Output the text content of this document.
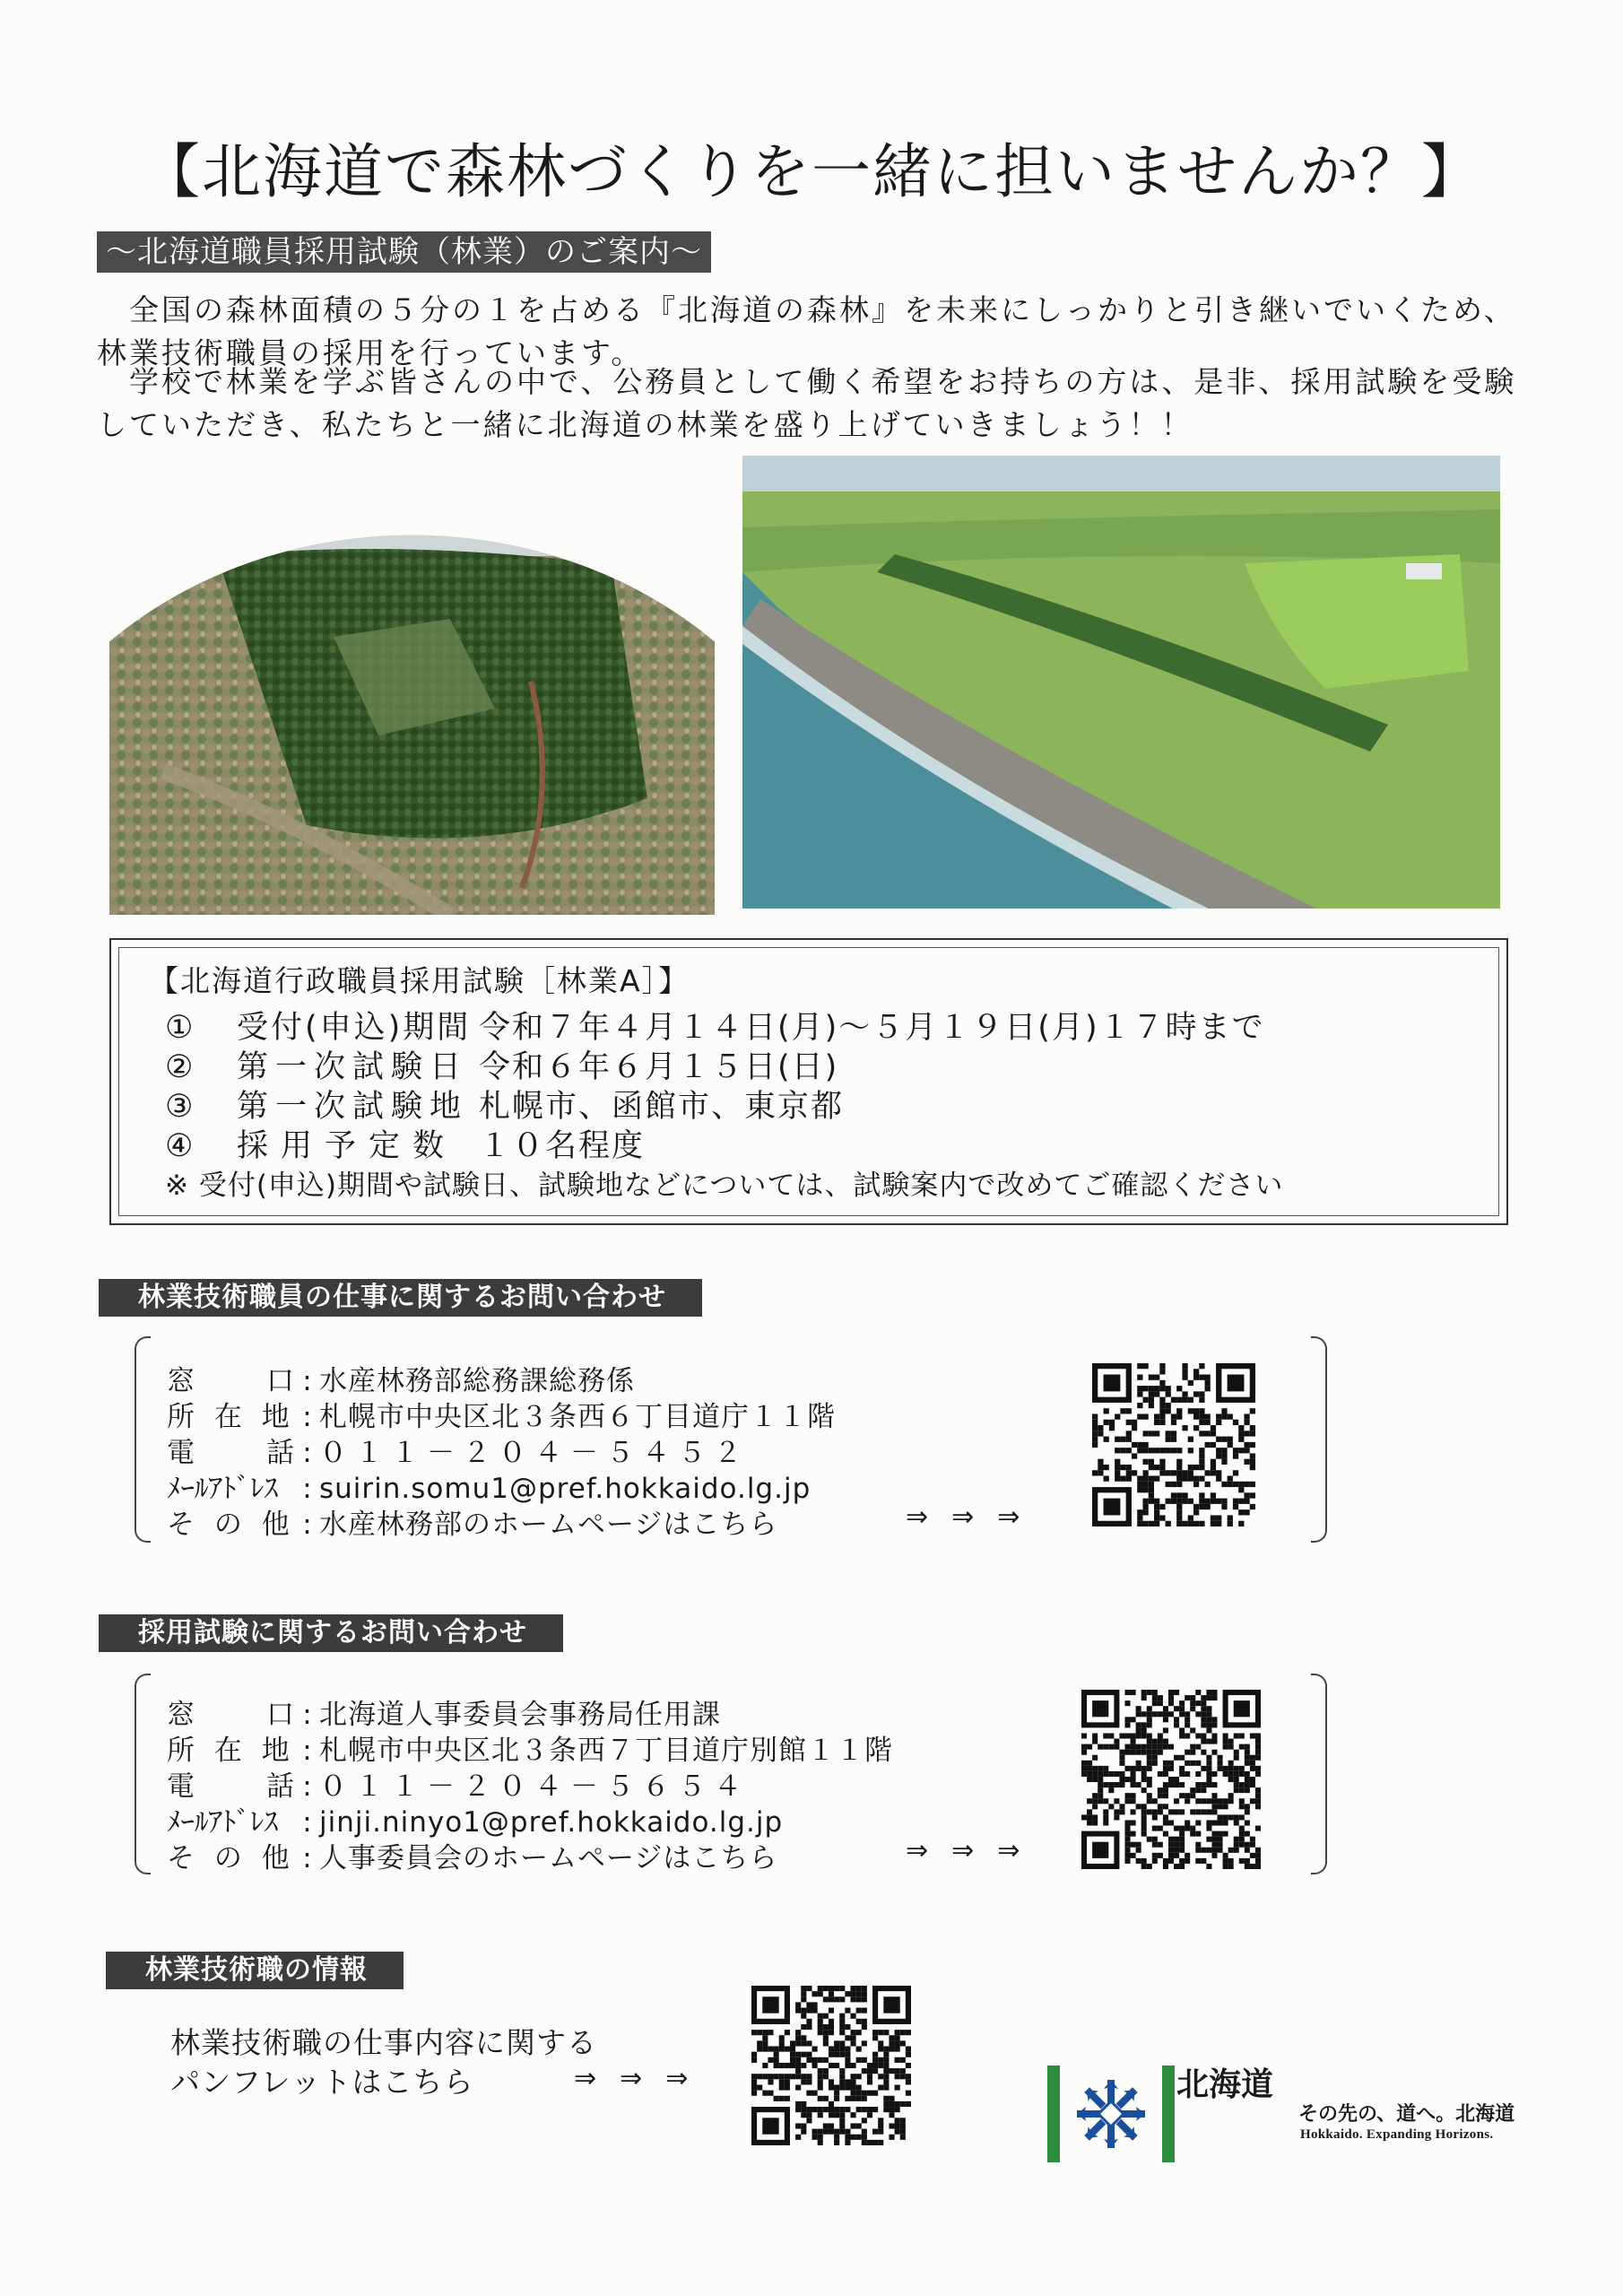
【北海道で森林づくりを一緒に担いませんか？】
～北海道職員採用試験（林業）のご案内～
　全国の森林面積の５分の１を占める『北海道の森林』を未来にしっかりと引き継いでいくため、林業技術職員の採用を行っています。
　学校で林業を学ぶ皆さんの中で、公務員として働く希望をお持ちの方は、是非、採用試験を受験していただき、私たちと一緒に北海道の林業を盛り上げていきましょう！！
【北海道行政職員採用試験［林業A］】
① 受付(申込)期間 令和７年４月１４日(月)～５月１９日(月)１７時まで
② 第一次試験日 令和６年６月１５日(日)
③ 第一次試験地 札幌市、函館市、東京都
④ 採用予定数 １０名程度
※ 受付(申込)期間や試験日、試験地などについては、試験案内で改めてご確認ください
林業技術職員の仕事に関するお問い合わせ
窓　　口 : 水産林務部総務課総務係
所 在 地 : 札幌市中央区北３条西６丁目道庁１１階
電　　話 : ０１１－２０４－５４５２
ﾒｰﾙｱﾄﾞﾚｽ : suirin.somu1@pref.hokkaido.lg.jp
そ の 他 : 水産林務部のホームページはこちら	⇒⇒⇒
採用試験に関するお問い合わせ
窓　　口 : 北海道人事委員会事務局任用課
所 在 地 : 札幌市中央区北３条西７丁目道庁別館１１階
電　　話 : ０１１－２０４－５６５４
ﾒｰﾙｱﾄﾞﾚｽ : jinji.ninyo1@pref.hokkaido.lg.jp
そ の 他 : 人事委員会のホームページはこちら	⇒⇒⇒
林業技術職の情報
林業技術職の仕事内容に関する
パンフレットはこちら	⇒⇒⇒	北海道
その先の、道へ。北海道
Hokkaido. Expanding Horizons.
